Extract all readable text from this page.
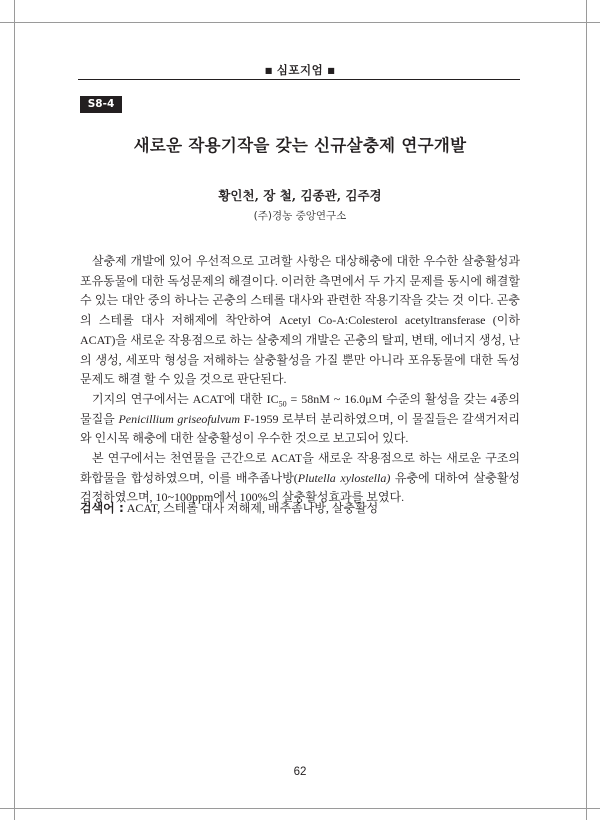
■ 심포지엄 ■
S8-4
새로운 작용기작을 갖는 신규살충제 연구개발
황인천, 장 철, 김종관, 김주경
(주)경농 중앙연구소

살충제 개발에 있어 우선적으로 고려할 사항은 대상해충에 대한 우수한 살충활성과 포유동물에 대한 독성문제의 해결이다. 이러한 측면에서 두 가지 문제를 동시에 해결할 수 있는 대안 중의 하나는 곤충의 스테롤 대사와 관련한 작용기작을 갖는 것 이다. 곤충의 스테롤 대사 저해제에 착안하여 Acetyl Co-A:Colesterol acetyltransferase (이하 ACAT)을 새로운 작용점으로 하는 살충제의 개발은 곤충의 탈피, 변태, 에너지 생성, 난의 생성, 세포막 형성을 저해하는 살충활성을 가질 뿐만 아니라 포유동물에 대한 독성 문제도 해결 할 수 있을 것으로 판단된다.

기지의 연구에서는 ACAT에 대한 $IC_{50} = 58nM$ ~ 16.0μM 수준의 활성을 갖는 4종의 물질을 Penicillium griseofulvum F-1959 로부터 분리하였으며, 이 물질들은 갈색거저리와 인시목 해충에 대한 살충활성이 우수한 것으로 보고되어 있다.

본 연구에서는 천연물을 근간으로 ACAT을 새로운 작용점으로 하는 새로운 구조의 화합물을 합성하였으며, 이를 배추좀나방(Plutella xylostella) 유충에 대하여 살충활성 검정하였으며, 10~100ppm에서 100%의 살충활성효과를 보였다.

검색어 : ACAT, 스테롤 대사 저해제, 배추좀나방, 살충활성
62
